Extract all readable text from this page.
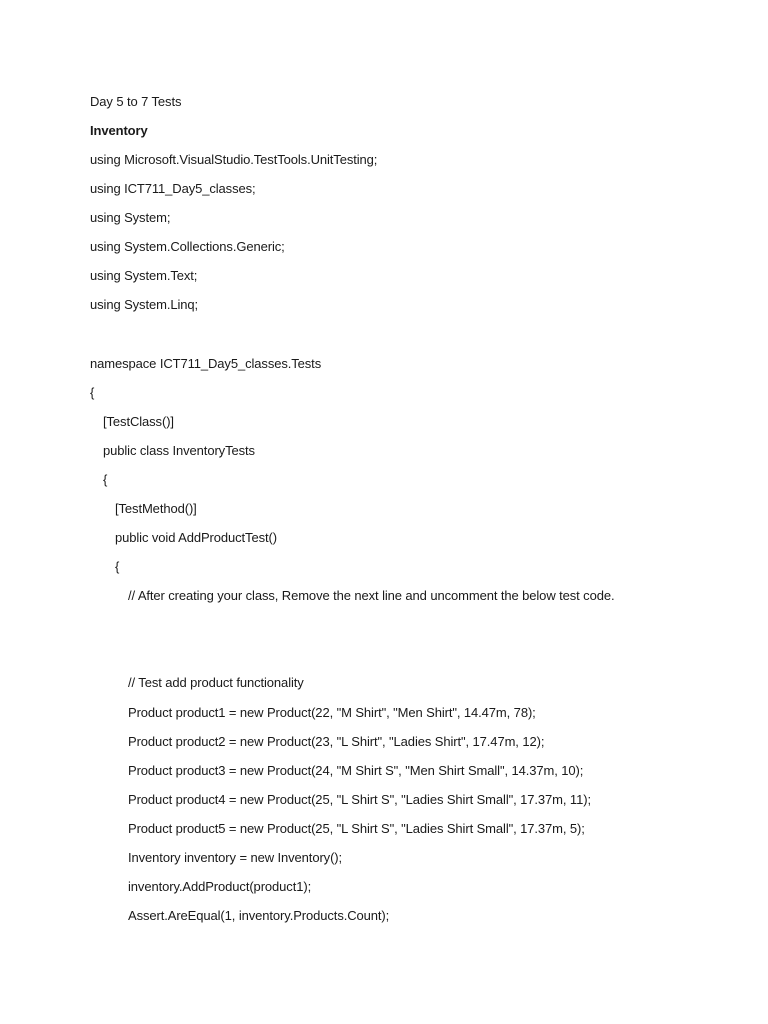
Day 5 to 7 Tests
Inventory
using Microsoft.VisualStudio.TestTools.UnitTesting;
using ICT711_Day5_classes;
using System;
using System.Collections.Generic;
using System.Text;
using System.Linq;
namespace ICT711_Day5_classes.Tests
{
[TestClass()]
public class InventoryTests
{
[TestMethod()]
public void AddProductTest()
{
// After creating your class, Remove the next line and uncomment the below test code.
// Test add product functionality
Product product1 = new Product(22, "M Shirt", "Men Shirt", 14.47m, 78);
Product product2 = new Product(23, "L Shirt", "Ladies Shirt", 17.47m, 12);
Product product3 = new Product(24, "M Shirt S", "Men Shirt Small", 14.37m, 10);
Product product4 = new Product(25, "L Shirt S", "Ladies Shirt Small", 17.37m, 11);
Product product5 = new Product(25, "L Shirt S", "Ladies Shirt Small", 17.37m, 5);
Inventory inventory = new Inventory();
inventory.AddProduct(product1);
Assert.AreEqual(1, inventory.Products.Count);
